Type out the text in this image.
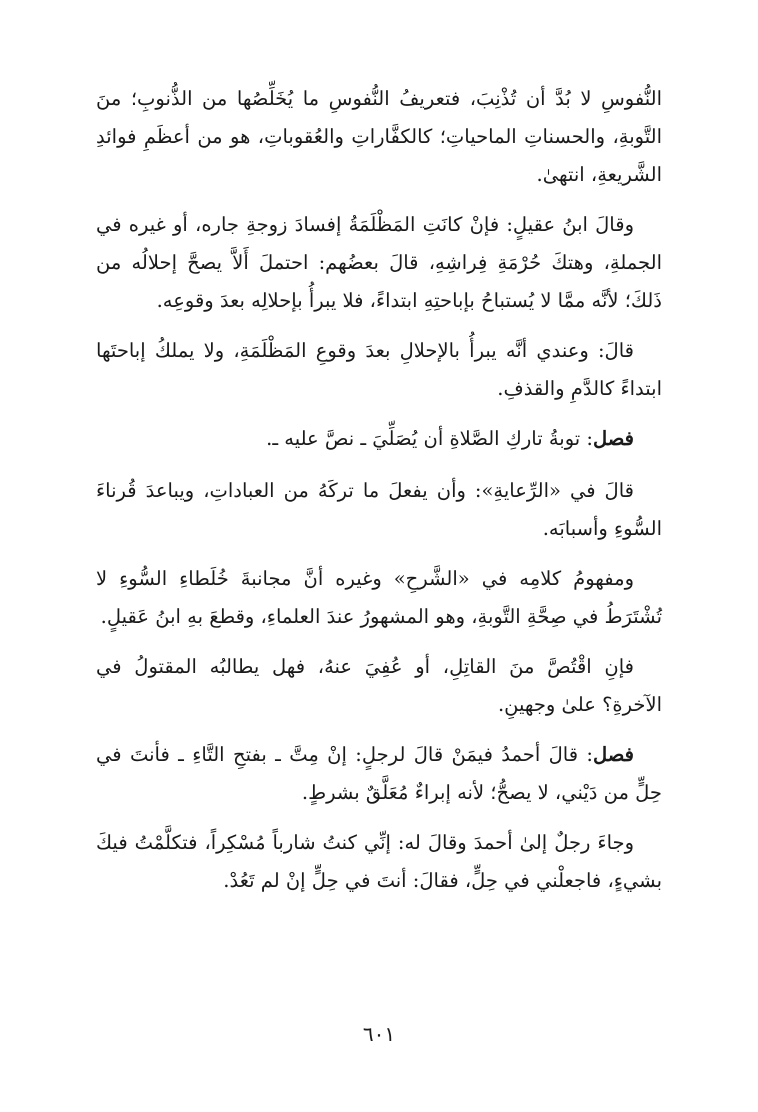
النُّفوسِ لا بُدَّ أن تُذْنِبَ، فتعريفُ النُّفوسِ ما يُخَلِّصُها من الذُّنوبِ؛ منَ التَّوبةِ، والحسناتِ الماحياتِ؛ كالكفَّاراتِ والعُقوباتِ، هو من أعظَمِ فوائدِ الشَّريعةِ، انتهىٰ.

وقالَ ابنُ عقيلٍ: فإنْ كانَتِ المَظْلَمَةُ إفسادَ زوجةِ جاره، أو غيره في الجملةِ، وهتكَ حُرْمَةِ فِراشِهِ، قالَ بعضُهم: احتملَ أَلاَّ يصحَّ إحلالُه من ذَلكَ؛ لأنَّه ممَّا لا يُستباحُ بإباحتِهِ ابتداءً، فلا يبرأُ بإحلالِه بعدَ وقوعِه.

قالَ: وعندي أنَّه يبرأُ بالإحلالِ بعدَ وقوعِ المَظْلَمَةِ، ولا يملكُ إباحتَها ابتداءً كالدَّمِ والقذفِ.

فصل: توبةُ تاركِ الصَّلاةِ أن يُصَلِّيَ ـ نصَّ عليه ـ.

قالَ في «الرِّعايةِ»: وأن يفعلَ ما تركَهُ من العباداتِ، ويباعدَ قُرناءَ السُّوءِ وأسبابَه.

ومفهومُ كلامِه في «الشَّرحِ» وغيره أنَّ مجانبةَ خُلَطاءِ السُّوءِ لا تُشْتَرَطُ في صِحَّةِ التَّوبةِ، وهو المشهورُ عندَ العلماءِ، وقطعَ بهِ ابنُ عَقيلٍ.

فإنِ اقْتُصَّ منَ القاتِلِ، أو عُفِيَ عنهُ، فهل يطالبُه المقتولُ في الآخرةِ؟ علىٰ وجهينِ.

فصل: قالَ أحمدُ فيمَنْ قالَ لرجلٍ: إنْ مِتَّ ـ بفتحِ التَّاءِ ـ فأنتَ في حِلٍّ من دَيْني، لا يصحُّ؛ لأنه إبراءٌ مُعَلَّقٌ بشرطٍ.

وجاءَ رجلٌ إلىٰ أحمدَ وقالَ له: إنِّي كنتُ شارباً مُسْكِراً، فتكلَّمْتُ فيكَ بشيءٍ، فاجعلْني في حِلٍّ، فقالَ: أنتَ في حِلٍّ إنْ لم تَعُدْ.

٦٠١
